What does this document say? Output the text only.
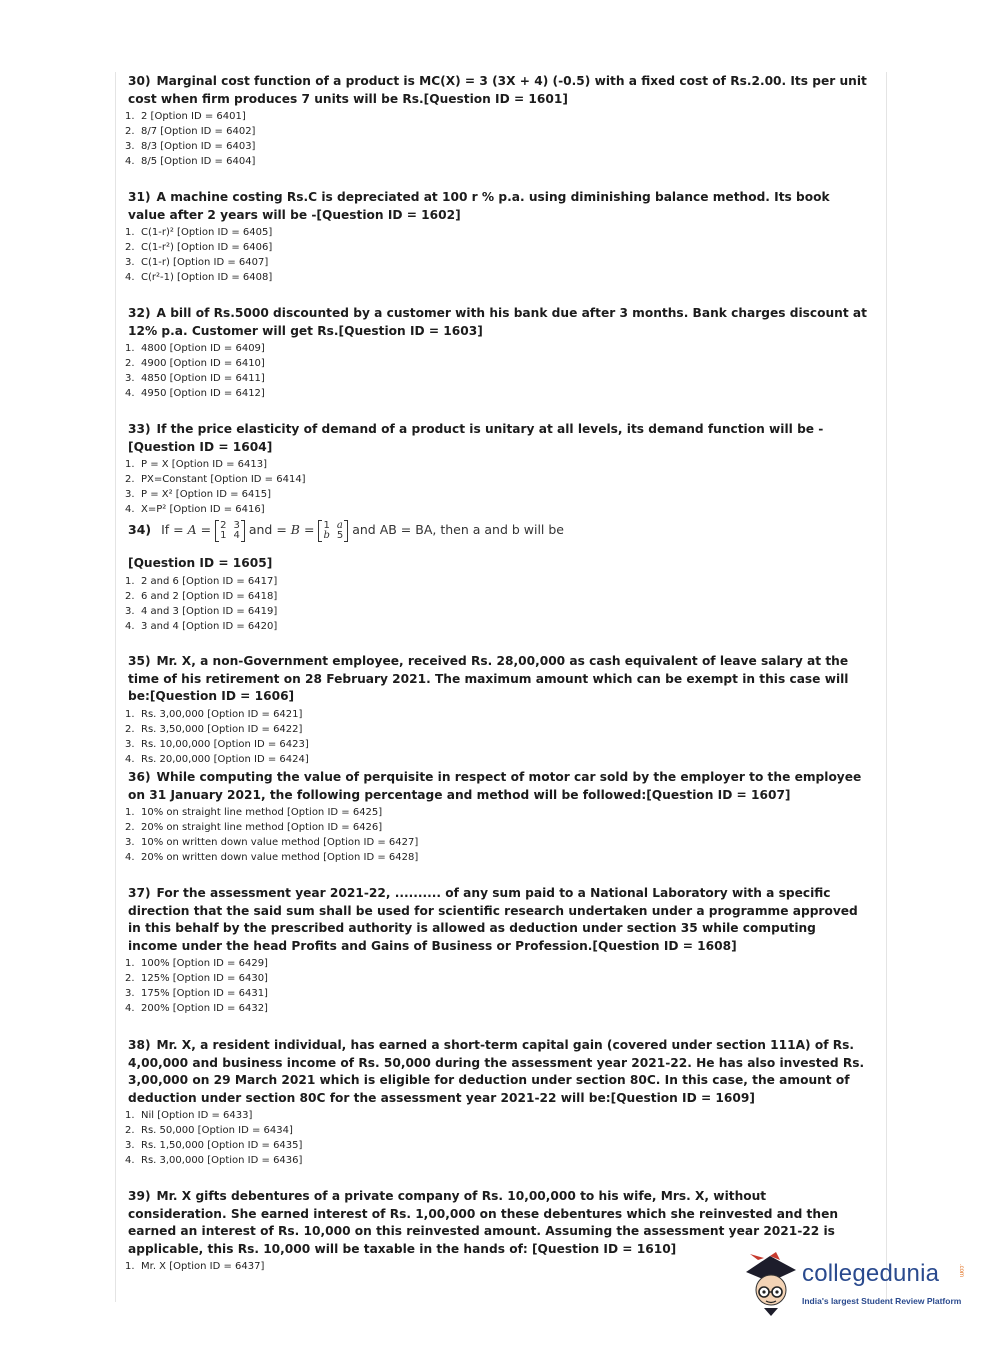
30) Marginal cost function of a product is MC(X) = 3 (3X + 4) (-0.5) with a fixed cost of Rs.2.00. Its per unit cost when firm produces 7 units will be Rs.[Question ID = 1601]

1. 2 [Option ID = 6401]
2. 8/7 [Option ID = 6402]
3. 8/3 [Option ID = 6403]
4. 8/5 [Option ID = 6404]

31) A machine costing Rs.C is depreciated at 100 r % p.a. using diminishing balance method. Its book value after 2 years will be -[Question ID = 1602]

1. C(1-r)² [Option ID = 6405]
2. C(1-r²) [Option ID = 6406]
3. C(1-r) [Option ID = 6407]
4. C(r²-1) [Option ID = 6408]

32) A bill of Rs.5000 discounted by a customer with his bank due after 3 months. Bank charges discount at 12% p.a. Customer will get Rs.[Question ID = 1603]

1. 4800 [Option ID = 6409]
2. 4900 [Option ID = 6410]
3. 4850 [Option ID = 6411]
4. 4950 [Option ID = 6412]

33) If the price elasticity of demand of a product is unitary at all levels, its demand function will be -[Question ID = 1604]

1. P = X [Option ID = 6413]
2. PX=Constant [Option ID = 6414]
3. P = X² [Option ID = 6415]
4. X=P² [Option ID = 6416]
34) If = A = 2 3
1 4 and = B = 1 a
b 5 and AB = BA, then a and b will be

[Question ID = 1605]

1. 2 and 6 [Option ID = 6417]
2. 6 and 2 [Option ID = 6418]
3. 4 and 3 [Option ID = 6419]
4. 3 and 4 [Option ID = 6420]

35) Mr. X, a non-Government employee, received Rs. 28,00,000 as cash equivalent of leave salary at the time of his retirement on 28 February 2021. The maximum amount which can be exempt in this case will be:[Question ID = 1606]

1. Rs. 3,00,000 [Option ID = 6421]
2. Rs. 3,50,000 [Option ID = 6422]
3. Rs. 10,00,000 [Option ID = 6423]
4. Rs. 20,00,000 [Option ID = 6424]

36) While computing the value of perquisite in respect of motor car sold by the employer to the employee on 31 January 2021, the following percentage and method will be followed:[Question ID = 1607]

1. 10% on straight line method [Option ID = 6425]
2. 20% on straight line method [Option ID = 6426]
3. 10% on written down value method [Option ID = 6427]
4. 20% on written down value method [Option ID = 6428]

37) For the assessment year 2021-22, .......... of any sum paid to a National Laboratory with a specific direction that the said sum shall be used for scientific research undertaken under a programme approved in this behalf by the prescribed authority is allowed as deduction under section 35 while computing income under the head Profits and Gains of Business or Profession.[Question ID = 1608]

1. 100% [Option ID = 6429]
2. 125% [Option ID = 6430]
3. 175% [Option ID = 6431]
4. 200% [Option ID = 6432]

38) Mr. X, a resident individual, has earned a short-term capital gain (covered under section 111A) of Rs. 4,00,000 and business income of Rs. 50,000 during the assessment year 2021-22. He has also invested Rs. 3,00,000 on 29 March 2021 which is eligible for deduction under section 80C. In this case, the amount of deduction under section 80C for the assessment year 2021-22 will be:[Question ID = 1609]

1. Nil [Option ID = 6433]
2. Rs. 50,000 [Option ID = 6434]
3. Rs. 1,50,000 [Option ID = 6435]
4. Rs. 3,00,000 [Option ID = 6436]

39) Mr. X gifts debentures of a private company of Rs. 10,00,000 to his wife, Mrs. X, without consideration. She earned interest of Rs. 1,00,000 on these debentures which she reinvested and then earned an interest of Rs. 10,000 on this reinvested amount. Assuming the assessment year 2021-22 is applicable, this Rs. 10,000 will be taxable in the hands of: [Question ID = 1610]

1. Mr. X [Option ID = 6437]	collegedunia	.com
India's largest Student Review Platform
